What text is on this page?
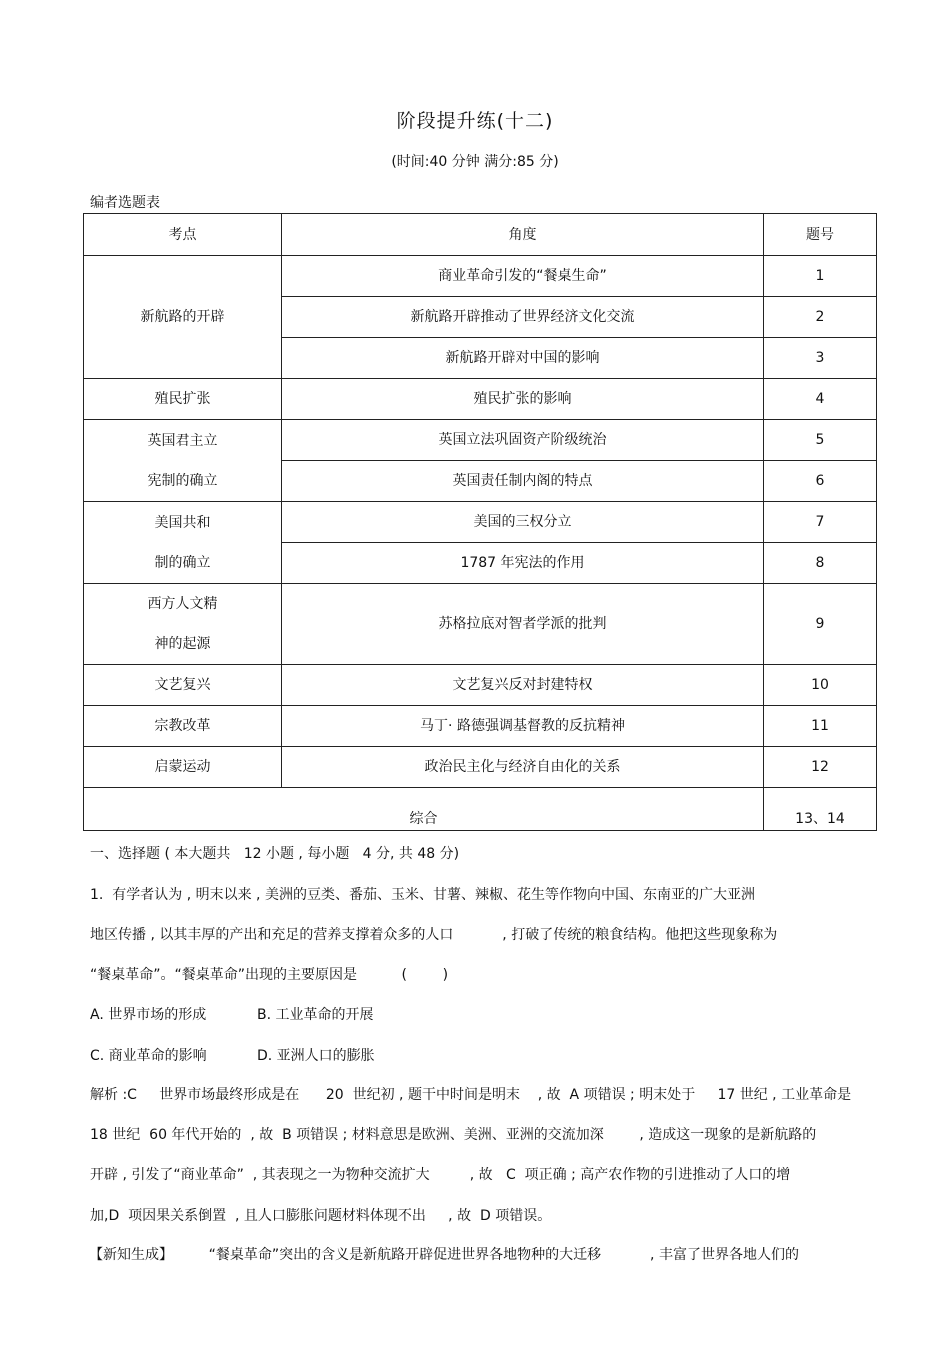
阶段提升练(十二)
(时间:40 分钟 满分:85 分)
编者选题表
考点	角度	题号
新航路的开辟	商业革命引发的“餐桌生命”	1
	新航路开辟推动了世界经济文化交流	2
	新航路开辟对中国的影响	3
殖民扩张	殖民扩张的影响	4

英国君主立
宪制的确立	英国立法巩固资产阶级统治	5
	英国责任制内阁的特点	6

美国共和
制的确立	美国的三权分立	7
	1787 年宪法的作用	8

西方人文精
神的起源	苏格拉底对智者学派的批判	9
文艺复兴	文艺复兴反对封建特权	10
宗教改革	马丁· 路德强调基督教的反抗精神	11
启蒙运动	政治民主化与经济自由化的关系	12
综合		13、14
一、选择题 ( 本大题共   12 小题 , 每小题   4 分, 共 48 分)
1.  有学者认为 , 明末以来 , 美洲的豆类、番茄、玉米、甘薯、辣椒、花生等作物向中国、东南亚的广大亚洲
地区传播 , 以其丰厚的产出和充足的营养支撑着众多的人口           , 打破了传统的粮食结构。他把这些现象称为
“餐桌革命”。“餐桌革命”出现的主要原因是          (        )
A. 世界市场的形成	B. 工业革命的开展
C. 商业革命的影响	D. 亚洲人口的膨胀
解析 :C     世界市场最终形成是在      20  世纪初 , 题干中时间是明末    , 故  A 项错误 ; 明末处于     17 世纪 , 工业革命是
18 世纪  60 年代开始的  , 故  B 项错误 ; 材料意思是欧洲、美洲、亚洲的交流加深        , 造成这一现象的是新航路的
开辟 , 引发了“商业革命”  , 其表现之一为物种交流扩大         , 故   C  项正确 ; 高产农作物的引进推动了人口的增
加,D  项因果关系倒置  , 且人口膨胀问题材料体现不出     , 故  D 项错误。
【新知生成】        “餐桌革命”突出的含义是新航路开辟促进世界各地物种的大迁移           , 丰富了世界各地人们的
